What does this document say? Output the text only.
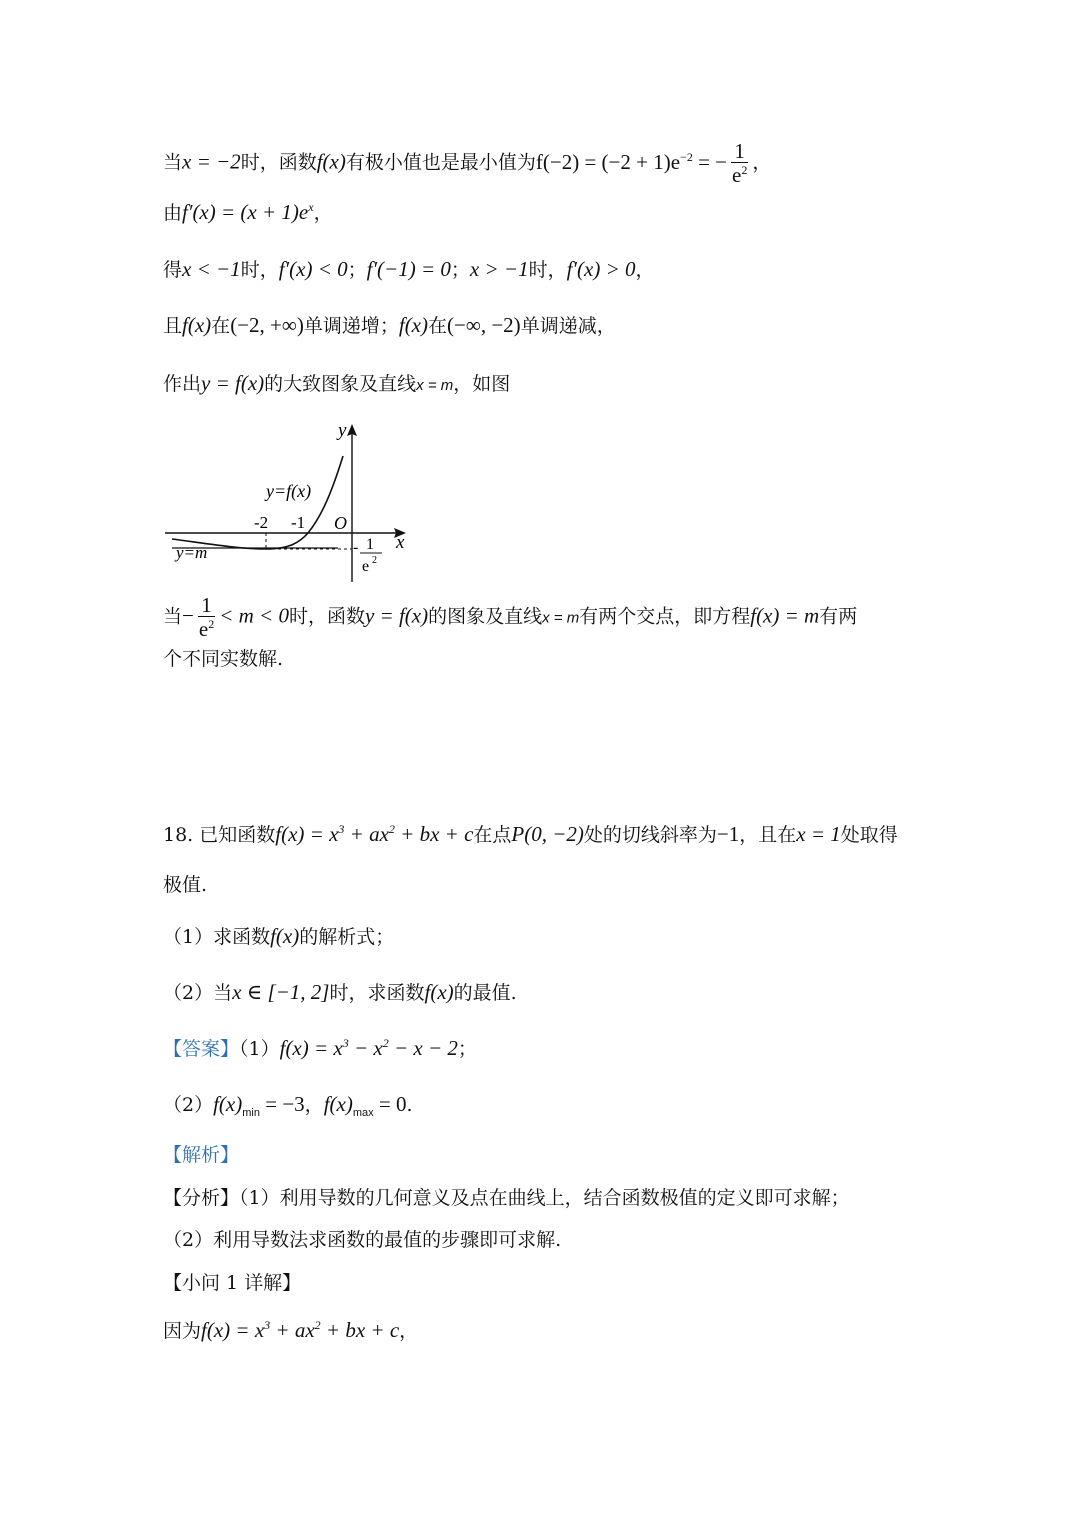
当x = −2时，函数f(x)有极小值也是最小值为$f(-2) = (-2 + 1)e^{-2}$ = − $\frac{1}{e^2}$ ，
由$f'(x) = (x + 1)e^x$，
得x < −1时，f′(x) < 0；f′(−1) = 0；x > −1时，f′(x) > 0，
且f(x)在(−2, +∞)单调递增；f(x)在(−∞, −2)单调递减，
作出y = f(x)的大致图象及直线x = m，如图
y
x
O
y=f(x)
-2 -1
y=m	- 1
e 2
当− $\frac{1}{e^2} < m < 0$时，函数y = f(x)的图象及直线x = m有两个交点，即方程f(x) = m有两
个不同实数解.
18. 已知函数$f(x) = x^3 + ax^2$ + bx + c在点P(0, −2)处的切线斜率为−1，且在x = 1处取得
极值.
（1）求函数f(x)的解析式；
（2）当x ∈ [−1, 2]时，求函数f(x)的最值.
【答案】$(1)f(x) = x^3 - x^2 - x - 2$；
$(2)f(x)_{min} = -3$，$f(x)_{max} = 0$.
【解析】
【分析】（1）利用导数的几何意义及点在曲线上，结合函数极值的定义即可求解；
（2）利用导数法求函数的最值的步骤即可求解.
【小问 1 详解】
因为$f(x) = x^3 + ax^2$ + bx + c，
